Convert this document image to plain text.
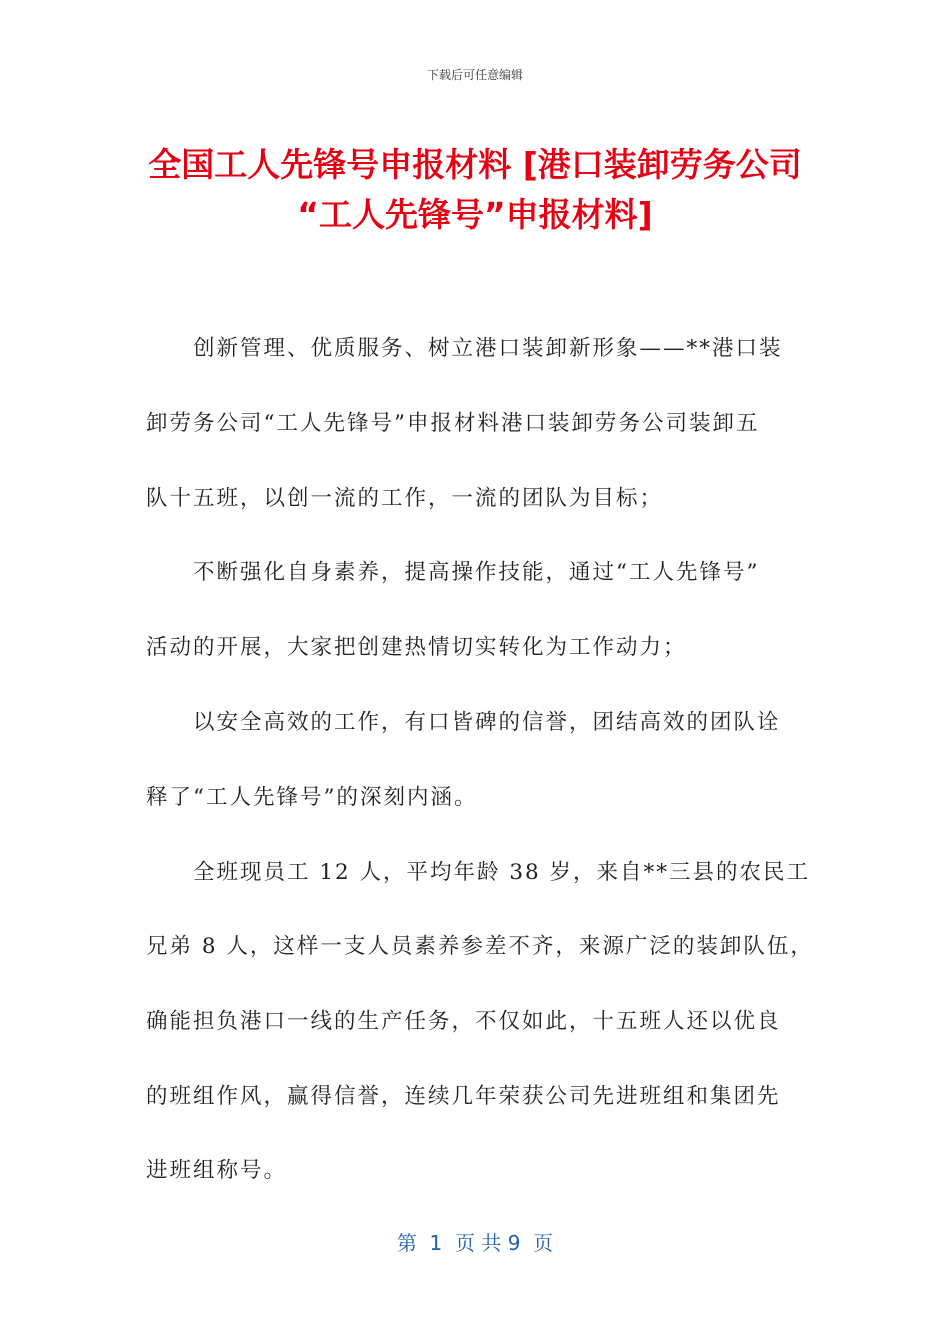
下载后可任意编辑
全国工人先锋号申报材料 [港口装卸劳务公司
“工人先锋号”申报材料]
创新管理、优质服务、树立港口装卸新形象——**港口装
卸劳务公司“工人先锋号”申报材料港口装卸劳务公司装卸五
队十五班，以创一流的工作，一流的团队为目标；
不断强化自身素养，提高操作技能，通过“工人先锋号”
活动的开展，大家把创建热情切实转化为工作动力；
以安全高效的工作，有口皆碑的信誉，团结高效的团队诠
释了“工人先锋号”的深刻内涵。
全班现员工 12 人，平均年龄 38 岁，来自**三县的农民工
兄弟 8 人，这样一支人员素养参差不齐，来源广泛的装卸队伍，
确能担负港口一线的生产任务，不仅如此，十五班人还以优良
的班组作风，赢得信誉，连续几年荣获公司先进班组和集团先
进班组称号。
第  1  页 共 9  页
